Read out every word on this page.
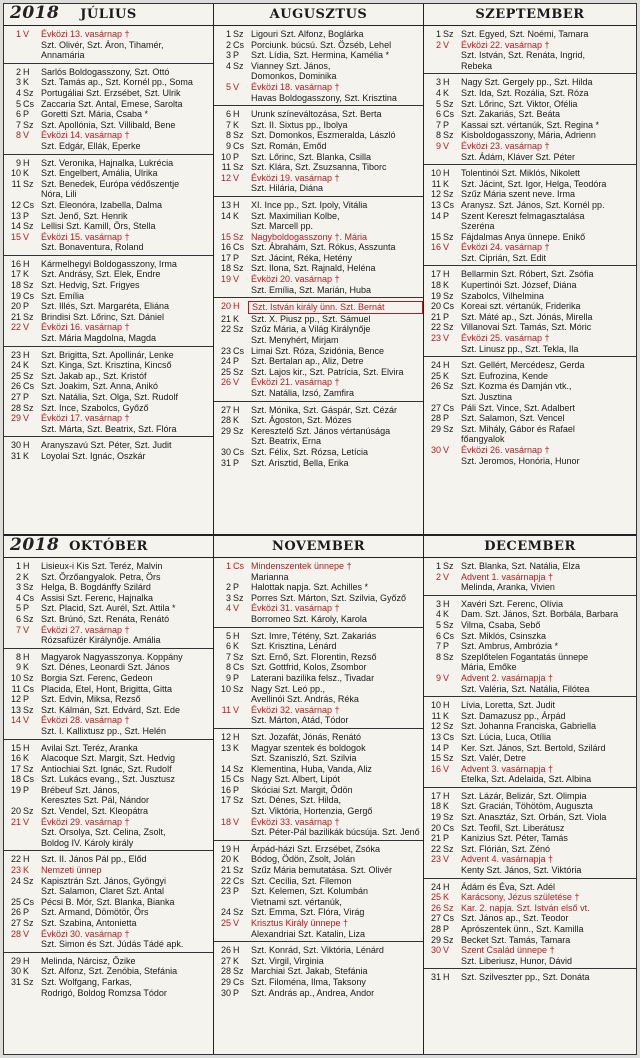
2018 JÚLIUS
1 V	Évközi 13. vasárnap †
Szt. Olivér, Szt. Áron, Tihamér,
Annamária
2 H	Sarlós Boldogasszony, Szt. Ottó
3 K	Szt. Tamás ap., Szt. Kornél pp., Soma
4 Sz Portugáliai Szt. Erzsébet, Szt. Ulrik
5 Cs Zaccaria Szt. Antal, Emese, Sarolta
6 P	Goretti Szt. Mária, Csaba *
7 Sz Szt. Apollónia, Szt. Villibald, Bene
8 V	Évközi 14. vasárnap †
Szt. Edgár, Ellák, Eperke
9 H	Szt. Veronika, Hajnalka, Lukrécia
10 K	Szt. Engelbert, Amália, Ulrika
11 Sz Szt. Benedek, Európa védőszentje
Nóra, Lili
12 Cs Szt. Eleonóra, Izabella, Dalma
13 P	Szt. Jenő, Szt. Henrik
14 Sz Lellisi Szt. Kamill, Örs, Stella
15 V	Évközi 15. vasárnap †
Szt. Bonaventura, Roland
16 H	Kármelhegyi Boldogasszony, Irma
17 K	Szt. Andrásy, Szt. Elek, Endre
18 Sz Szt. Hedvig, Szt. Frigyes
19 Cs Szt. Emília
20 P	Szt. Illés, Szt. Margaréta, Eliána
21 Sz Brindisi Szt. Lőrinc, Szt. Dániel
22 V	Évközi 16. vasárnap †
Szt. Mária Magdolna, Magda
23 H	Szt. Brigitta, Szt. Apollinár, Lenke
24 K	Szt. Kinga, Szt. Krisztina, Kincső
25 Sz Szt. Jakab ap., Szt. Kristóf
26 Cs Szt. Joakim, Szt. Anna, Anikó
27 P	Szt. Natália, Szt. Olga, Szt. Rudolf
28 Sz Szt. Ince, Szabolcs, Győző
29 V	Évközi 17. vasárnap †
Szt. Márta, Szt. Beatrix, Szt. Flóra
30 H	Aranyszavú Szt. Péter, Szt. Judit
31 K	Loyolai Szt. Ignác, Oszkár
AUGUSZTUS
1 Sz Ligouri Szt. Alfonz, Boglárka
2 Cs Porciunk. búcsú. Szt. Özséb, Lehel
3 P	Szt. Lídia, Szt. Hermina, Kamélia *
4 Sz Vianney Szt. János,
Domonkos, Dominika
5 V	Évközi 18. vasárnap †
Havas Boldogasszony, Szt. Krisztina
6 H	Urunk színeváltozása, Szt. Berta
7 K	Szt. II. Sixtus pp., Ibolya
8 Sz Szt. Domonkos, Eszmeralda, László
9 Cs Szt. Román, Emőd
10 P	Szt. Lőrinc, Szt. Blanka, Csilla
11 Sz Szt. Klára, Szt. Zsuzsanna, Tiborc
12 V	Évközi 19. vasárnap †
Szt. Hilária, Diána
13 H	XI. Ince pp., Szt. Ipoly, Vitália
14 K	Szt. Maximilian Kolbe,
Szt. Marcell pp.
15 Sz Nagyboldogasszony †. Mária
16 Cs Szt. Ábrahám, Szt. Rókus, Asszunta
17 P	Szt. Jácint, Réka, Hetény
18 Sz Szt. Ilona, Szt. Rajnald, Heléna
19 V	Évközi 20. vasárnap †
Szt. Emília, Szt. Marián, Huba
20 H	Szt. István király ünn. Szt. Bernát
21 K	Szt. X. Piusz pp., Szt. Sámuel
22 Sz Szűz Mária, a Világ Királynője
Szt. Menyhért, Mirjam
23 Cs Limai Szt. Róza, Szidónia, Bence
24 P	Szt. Bertalan ap., Aliz, Detre
25 Sz Szt. Lajos kir., Szt. Patrícia, Szt. Elvira
26 V	Évközi 21. vasárnap †
Szt. Natália, Izsó, Zamfira
27 H	Szt. Mónika, Szt. Gáspár, Szt. Cézár
28 K	Szt. Ágoston, Szt. Mózes
29 Sz Keresztelő Szt. János vértanúsága
Szt. Beatrix, Erna
30 Cs Szt. Félix, Szt. Rózsa, Letícia
31 P	Szt. Arisztid, Bella, Erika
SZEPTEMBER
1 Sz Szt. Egyed, Szt. Noémi, Tamara
2 V	Évközi 22. vasárnap †
Szt. István, Szt. Renáta, Ingrid,
Rebeka
3 H	Nagy Szt. Gergely pp., Szt. Hilda
4 K	Szt. Ida, Szt. Rozália, Szt. Róza
5 Sz Szt. Lőrinc, Szt. Viktor, Ofélia
6 Cs Szt. Zakariás, Szt. Beáta
7 P	Kassai szt. vértanúk, Szt. Regina *
8 Sz Kisboldogasszony, Mária, Adrienn
9 V	Évközi 23. vasárnap †
Szt. Ádám, Kláver Szt. Péter
10 H	Tolentinói Szt. Miklós, Nikolett
11 K	Szt. Jácint, Szt. Igor, Helga, Teodóra
12 Sz Szűz Mária szent neve. Irma
13 Cs Aranysz. Szt. János, Szt. Kornél pp.
14 P	Szent Kereszt felmagasztalása
Szeréna
15 Sz Fájdalmas Anya ünnepe. Enikő
16 V	Évközi 24. vasárnap †
Szt. Ciprián, Szt. Edit
17 H	Bellarmin Szt. Róbert, Szt. Zsófia
18 K	Kupertinói Szt. József, Diána
19 Sz Szabolcs, Vilhelmina
20 Cs Koreai szt. vértanúk, Friderika
21 P	Szt. Máté ap., Szt. Jónás, Mirella
22 Sz Villanovai Szt. Tamás, Szt. Móric
23 V	Évközi 25. vasárnap †
Szt. Linusz pp., Szt. Tekla, Ila
24 H	Szt. Gellért, Mercédesz, Gerda
25 K	Szt. Eufrozina, Kende
26 Sz Szt. Kozma és Damján vtk.,
Szt. Jusztina
27 Cs Páli Szt. Vince, Szt. Adalbert
28 P	Szt. Salamon, Szt. Vencel
29 Sz Szt. Mihály, Gábor és Rafael
főangyalok
30 V	Évközi 26. vasárnap †
Szt. Jeromos, Honória, Hunor
2018 OKTÓBER
1 H	Lisieux-i Kis Szt. Teréz, Malvin
2 K	Szt. Őrzőangyalok. Petra, Örs
3 Sz Helga, B. Bogdánffy Szilárd
4 Cs Assisi Szt. Ferenc, Hajnalka
5 P	Szt. Placid, Szt. Aurél, Szt. Attila *
6 Sz Szt. Brúnó, Szt. Renáta, Renátó
7 V	Évközi 27. vasárnap †
Rózsafüzér Királynője. Amália
8 H	Magyarok Nagyasszonya. Koppány
9 K	Szt. Dénes, Leonardi Szt. János
10 Sz Borgia Szt. Ferenc, Gedeon
11 Cs Placida, Etel, Hont, Brigitta, Gitta
12 P	Szt. Edvin, Miksa, Rezső
13 Sz Szt. Kálmán, Szt. Edvárd, Szt. Ede
14 V	Évközi 28. vasárnap †
Szt. I. Kallixtusz pp., Szt. Helén
15 H	Avilai Szt. Teréz, Aranka
16 K	Alacoque Szt. Margit, Szt. Hedvig
17 Sz Antiochiai Szt. Ignác, Szt. Rudolf
18 Cs Szt. Lukács evang., Szt. Jusztusz
19 P	Brébeuf Szt. János,
Keresztes Szt. Pál, Nándor
20 Sz Szt. Vendel, Szt. Kleopátra
21 V	Évközi 29. vasárnap †
Szt. Orsolya, Szt. Celina, Zsolt,
Boldog IV. Károly király
22 H	Szt. II. János Pál pp., Előd
23 K	Nemzeti ünnep
24 Sz Kapisztrán Szt. János, Gyöngyi
Szt. Salamon, Claret Szt. Antal
25 Cs Pécsi B. Mór, Szt. Blanka, Bianka
26 P	Szt. Armand, Dömötör, Örs
27 Sz Szt. Szabina, Antonietta
28 V	Évközi 30. vasárnap †
Szt. Simon és Szt. Júdás Tádé apk.
29 H	Melinda, Nárcisz, Őzike
30 K	Szt. Alfonz, Szt. Zenóbia, Stefánia
31 Sz Szt. Wolfgang, Farkas,
Rodrigó, Boldog Romzsa Tódor
NOVEMBER
1 Cs Mindenszentek ünnepe †
Marianna
2 P	Halottak napja. Szt. Achilles *
3 Sz Porres Szt. Márton, Szt. Szilvia, Győző
4 V	Évközi 31. vasárnap †
Borromeo Szt. Károly, Karola
5 H	Szt. Imre, Tétény, Szt. Zakariás
6 K	Szt. Krisztina, Lénárd
7 Sz Szt. Ernő, Szt. Florentin, Rezső
8 Cs Szt. Gottfrid, Kolos, Zsombor
9 P	Laterani bazilika felsz., Tivadar
10 Sz Nagy Szt. Leó pp.,
Avellinói Szt. András, Réka
11 V	Évközi 32. vasárnap †
Szt. Márton, Atád, Tódor
12 H	Szt. Jozafát, Jónás, Renátó
13 K	Magyar szentek és boldogok
Szt. Szaniszló, Szt. Szilvia
14 Sz Klementina, Huba, Vanda, Aliz
15 Cs Nagy Szt. Albert, Lipót
16 P	Skóciai Szt. Margit, Ödön
17 Sz Szt. Dénes, Szt. Hilda,
Szt. Viktória, Hortenzia, Gergő
18 V	Évközi 33. vasárnap †
Szt. Péter-Pál bazilikák búcsúja. Szt. Jenő
19 H	Árpád-házi Szt. Erzsébet, Zsóka
20 K	Bódog, Ödön, Zsolt, Jolán
21 Sz Szűz Mária bemutatása. Szt. Olivér
22 Cs Szt. Cecília, Szt. Filemon
23 P	Szt. Kelemen, Szt. Kolumbán
Vietnami szt. vértanúk,
24 Sz Szt. Emma, Szt. Flóra, Virág
25 V	Krisztus Király ünnepe †
Alexandriai Szt. Katalin, Liza
26 H	Szt. Konrád, Szt. Viktória, Lénárd
27 K	Szt. Virgil, Virginia
28 Sz Marchiai Szt. Jakab, Stefánia
29 Cs Szt. Filoména, Ilma, Taksony
30 P	Szt. András ap., Andrea, Andor
DECEMBER
1 Sz Szt. Blanka, Szt. Natália, Elza
2 V	Advent 1. vasárnapja †
Melinda, Aranka, Vivien
3 H	Xavéri Szt. Ferenc, Olívia
4 K	Dam. Szt. János, Szt. Borbála, Barbara
5 Sz Vilma, Csaba, Sebő
6 Cs Szt. Miklós, Csinszka
7 P	Szt. Ambrus, Ambrózia *
8 Sz Szeplőtelen Fogantatás ünnepe
Mária, Emőke
9 V	Advent 2. vasárnapja †
Szt. Valéria, Szt. Natália, Filótea
10 H	Lívia, Loretta, Szt. Judit
11 K	Szt. Damazusz pp., Árpád
12 Sz Szt. Johanna Franciska, Gabriella
13 Cs Szt. Lúcia, Luca, Otília
14 P	Ker. Szt. János, Szt. Bertold, Szilárd
15 Sz Szt. Valér, Detre
16 V	Advent 3. vasárnapja †
Etelka, Szt. Adelaida, Szt. Albina
17 H	Szt. Lázár, Belizár, Szt. Olimpia
18 K	Szt. Gracián, Töhötöm, Auguszta
19 Sz Szt. Anasztáz, Szt. Orbán, Szt. Viola
20 Cs Szt. Teofil, Szt. Liberátusz
21 P	Kanizius Szt. Péter, Tamás
22 Sz Szt. Flórián, Szt. Zénó
23 V	Advent 4. vasárnapja †
Kenty Szt. János, Szt. Viktória
24 H	Ádám és Éva, Szt. Adél
25 K	Karácsony, Jézus születése †
26 Sz Kar. 2. napja. Szt. István első vt.
27 Cs Szt. János ap., Szt. Teodor
28 P	Aprószentek ünn., Szt. Kamilla
29 Sz Becket Szt. Tamás, Tamara
30 V	Szent Család ünnepe †
Szt. Liberiusz, Hunor, Dávid
31 H	Szt. Szilveszter pp., Szt. Donáta
